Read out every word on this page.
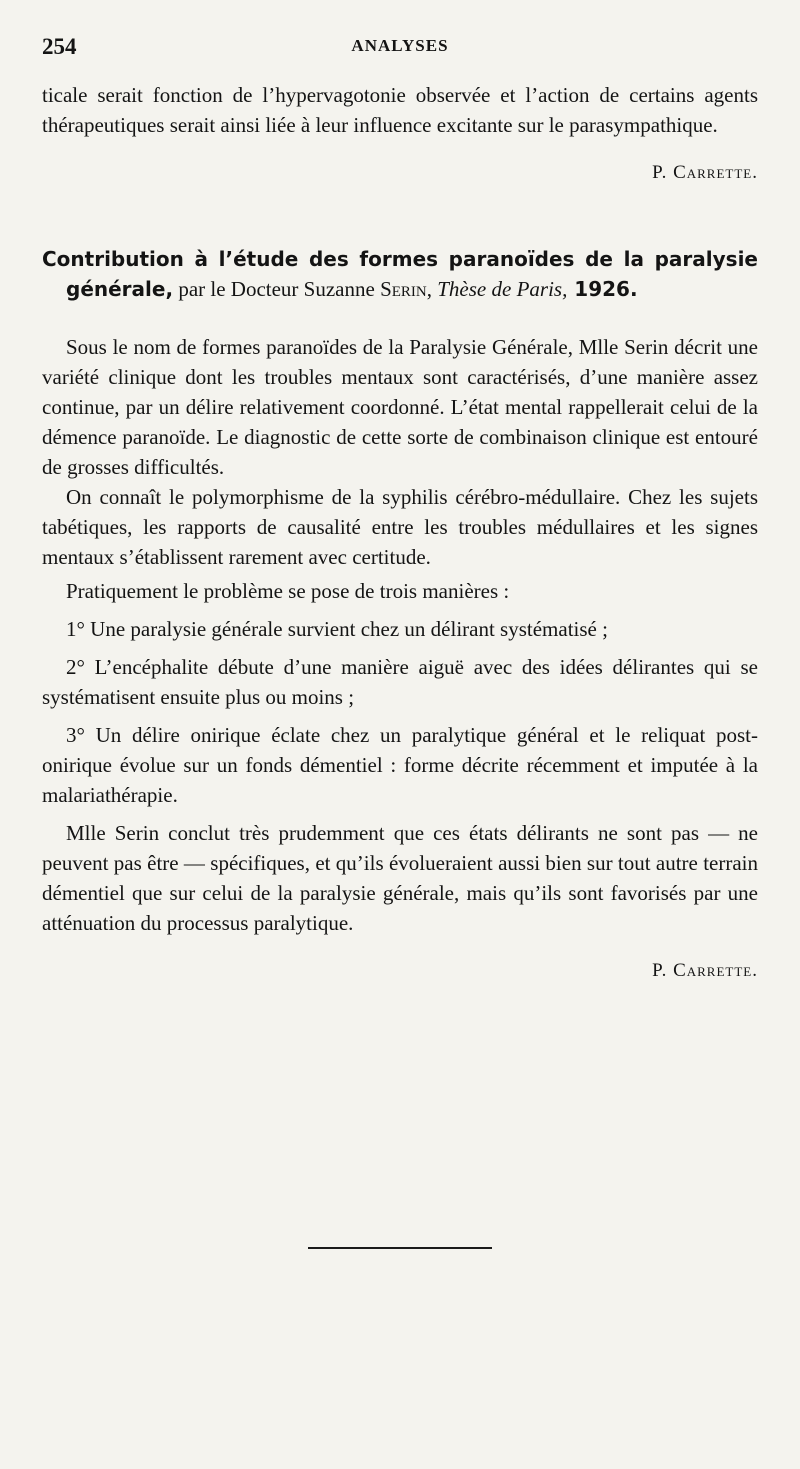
254	ANALYSES

ticale serait fonction de l’hypervagotonie observée et l’action de certains agents thérapeutiques serait ainsi liée à leur influence excitante sur le parasympathique.

P. Carrette.

Contribution à l’étude des formes paranoïdes de la paralysie générale, par le Docteur Suzanne Serin, Thèse de Paris, 1926.

Sous le nom de formes paranoïdes de la Paralysie Générale, Mlle Serin décrit une variété clinique dont les troubles mentaux sont caractérisés, d’une manière assez continue, par un délire relativement coordonné. L’état mental rappellerait celui de la démence paranoïde. Le diagnostic de cette sorte de combinaison clinique est entouré de grosses difficultés.

On connaît le polymorphisme de la syphilis cérébro-médullaire. Chez les sujets tabétiques, les rapports de causalité entre les troubles médullaires et les signes mentaux s’établissent rarement avec certitude.

Pratiquement le problème se pose de trois manières :

1° Une paralysie générale survient chez un délirant systématisé ;

2° L’encéphalite débute d’une manière aiguë avec des idées délirantes qui se systématisent ensuite plus ou moins ;

3° Un délire onirique éclate chez un paralytique général et le reliquat post-onirique évolue sur un fonds démentiel : forme décrite récemment et imputée à la malariathérapie.

Mlle Serin conclut très prudemment que ces états délirants ne sont pas — ne peuvent pas être — spécifiques, et qu’ils évolueraient aussi bien sur tout autre terrain démentiel que sur celui de la paralysie générale, mais qu’ils sont favorisés par une atténuation du processus paralytique.

P. Carrette.
